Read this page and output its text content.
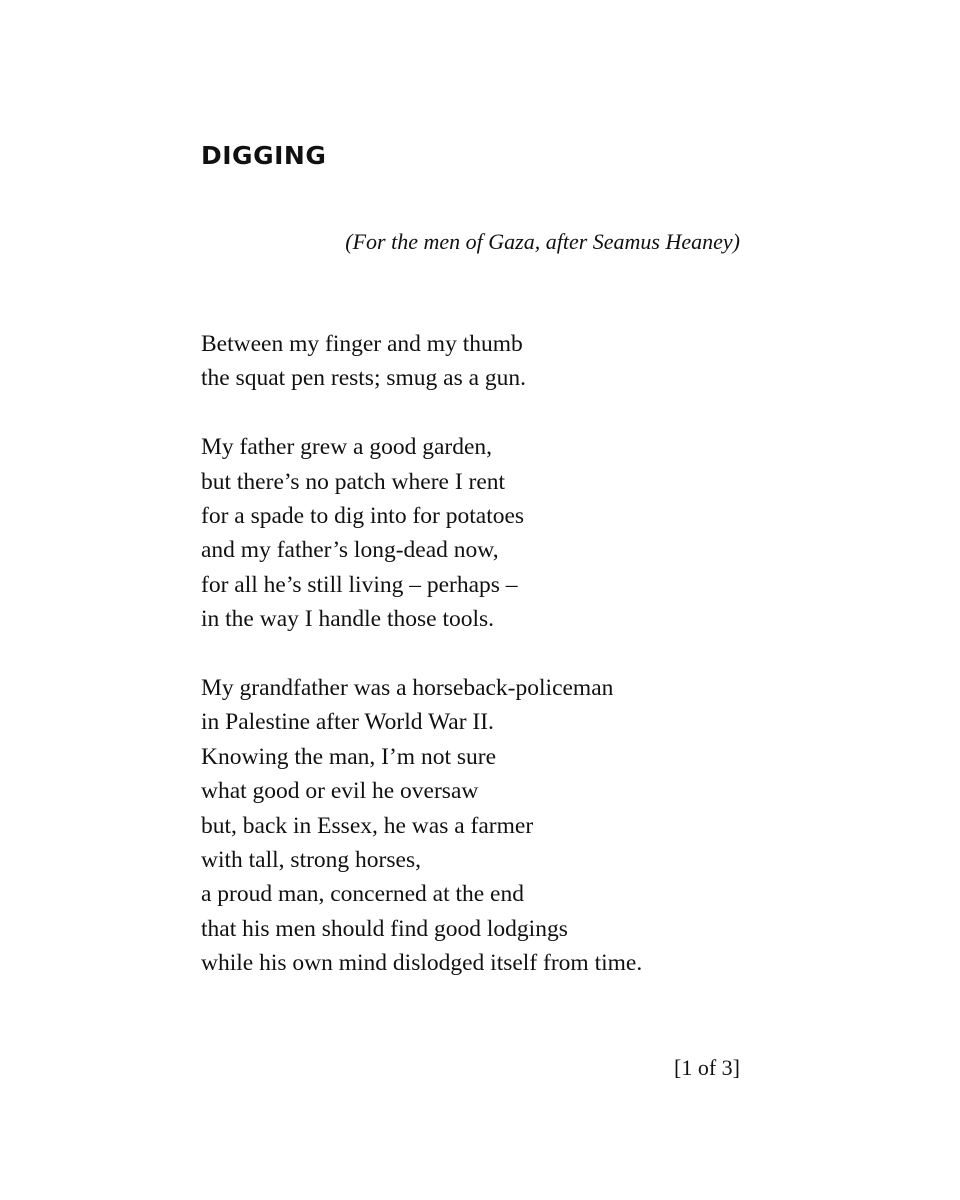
DIGGING

(For the men of Gaza, after Seamus Heaney)

Between my finger and my thumb
the squat pen rests; smug as a gun.
My father grew a good garden,
but there’s no patch where I rent
for a spade to dig into for potatoes
and my father’s long-dead now,
for all he’s still living – perhaps –
in the way I handle those tools.
My grandfather was a horseback-policeman
in Palestine after World War II.
Knowing the man, I’m not sure
what good or evil he oversaw
but, back in Essex, he was a farmer
with tall, strong horses,
a proud man, concerned at the end
that his men should find good lodgings
while his own mind dislodged itself from time.

[1 of 3]
